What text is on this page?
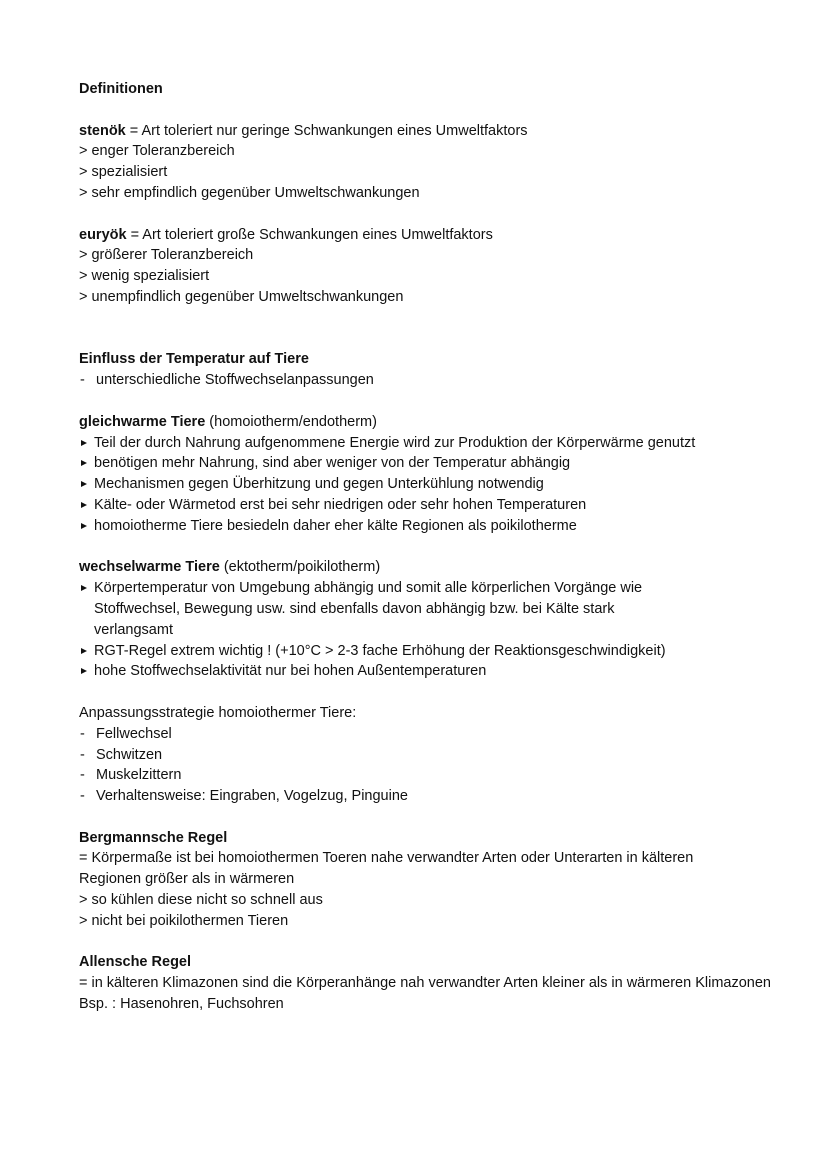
Definitionen
stenök = Art toleriert nur geringe Schwankungen eines Umweltfaktors
> enger Toleranzbereich
> spezialisiert
> sehr empfindlich gegenüber Umweltschwankungen
euryök = Art toleriert große Schwankungen eines Umweltfaktors
> größerer Toleranzbereich
> wenig spezialisiert
> unempfindlich gegenüber Umweltschwankungen
Einfluss der Temperatur auf Tiere
- unterschiedliche Stoffwechselanpassungen
gleichwarme Tiere (homoiotherm/endotherm)
Teil der durch Nahrung aufgenommene Energie wird zur Produktion der Körperwärme genutzt
benötigen mehr Nahrung, sind aber weniger von der Temperatur abhängig
Mechanismen gegen Überhitzung und gegen Unterkühlung notwendig
Kälte- oder Wärmetod erst bei sehr niedrigen oder sehr hohen Temperaturen
homoiotherme Tiere besiedeln daher eher kälte Regionen als poikilotherme
wechselwarme Tiere (ektotherm/poikilotherm)
Körpertemperatur von Umgebung abhängig und somit alle körperlichen Vorgänge wie Stoffwechsel, Bewegung usw. sind ebenfalls davon abhängig bzw. bei Kälte stark verlangsamt
RGT-Regel extrem wichtig ! (+10°C > 2-3 fache Erhöhung der Reaktionsgeschwindigkeit)
hohe Stoffwechselaktivität nur bei hohen Außentemperaturen
Anpassungsstrategie homoiothermer Tiere:
- Fellwechsel
- Schwitzen
- Muskelzittern
- Verhaltensweise: Eingraben, Vogelzug, Pinguine
Bergmannsche Regel
= Körpermaße ist bei homoiothermen Toeren nahe verwandter Arten oder Unterarten in kälteren Regionen größer als in wärmeren
> so kühlen diese nicht so schnell aus
> nicht bei poikilothermen Tieren
Allensche Regel
= in kälteren Klimazonen sind die Körperanhänge nah verwandter Arten kleiner als in wärmeren Klimazonen
Bsp. : Hasenohren, Fuchsohren
